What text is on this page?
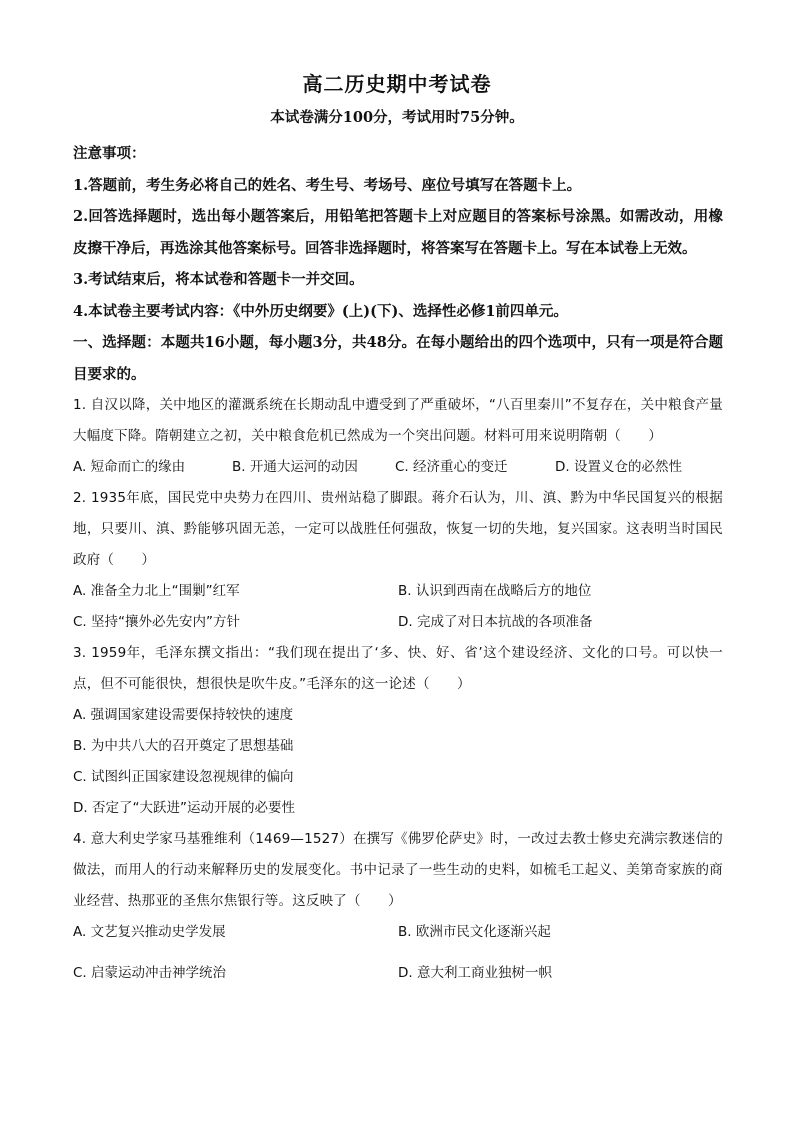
高二历史期中考试卷
本试卷满分100分，考试用时75分钟。

注意事项：

1.答题前，考生务必将自己的姓名、考生号、考场号、座位号填写在答题卡上。

2.回答选择题时，选出每小题答案后，用铅笔把答题卡上对应题目的答案标号涂黑。如需改动，用橡皮擦干净后，再选涂其他答案标号。回答非选择题时，将答案写在答题卡上。写在本试卷上无效。

3.考试结束后，将本试卷和答题卡一并交回。

4.本试卷主要考试内容：《中外历史纲要》(上)(下)、选择性必修1前四单元。

一、选择题：本题共16小题，每小题3分，共48分。在每小题给出的四个选项中，只有一项是符合题目要求的。

1. 自汉以降，关中地区的灌溉系统在长期动乱中遭受到了严重破坏，“八百里秦川”不复存在，关中粮食产量大幅度下降。隋朝建立之初，关中粮食危机已然成为一个突出问题。材料可用来说明隋朝（　　）

A. 短命而亡的缘由	B. 开通大运河的动因	C. 经济重心的变迁	D. 设置义仓的必然性

2. 1935年底，国民党中央势力在四川、贵州站稳了脚跟。蒋介石认为，川、滇、黔为中华民国复兴的根据地，只要川、滇、黔能够巩固无恙，一定可以战胜任何强敌，恢复一切的失地，复兴国家。这表明当时国民政府（　　）

A. 准备全力北上“围剿”红军	B. 认识到西南在战略后方的地位
C. 坚持“攘外必先安内”方针	D. 完成了对日本抗战的各项准备

3. 1959年，毛泽东撰文指出：“我们现在提出了‘多、快、好、省’这个建设经济、文化的口号。可以快一点，但不可能很快，想很快是吹牛皮。”毛泽东的这一论述（　　）

A. 强调国家建设需要保持较快的速度
B. 为中共八大的召开奠定了思想基础
C. 试图纠正国家建设忽视规律的偏向
D. 否定了“大跃进”运动开展的必要性

4. 意大利史学家马基雅维利（1469—1527）在撰写《佛罗伦萨史》时，一改过去教士修史充满宗教迷信的做法，而用人的行动来解释历史的发展变化。书中记录了一些生动的史料，如梳毛工起义、美第奇家族的商业经营、热那亚的圣焦尔焦银行等。这反映了（　　）

A. 文艺复兴推动史学发展	B. 欧洲市民文化逐渐兴起
C. 启蒙运动冲击神学统治	D. 意大利工商业独树一帜
